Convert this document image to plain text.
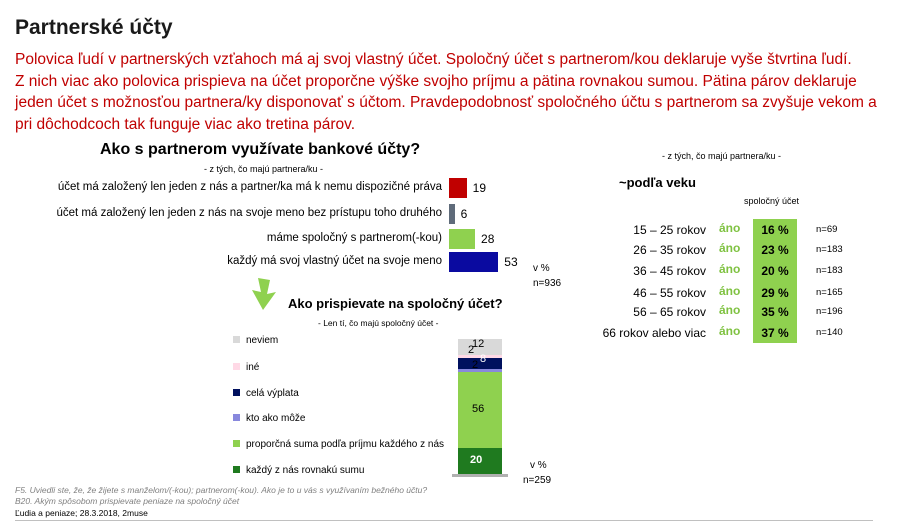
Partnerské účty
Polovica ľudí v partnerských vzťahoch má aj svoj vlastný účet. Spoločný účet s partnerom/kou deklaruje vyše štvrtina ľudí.
Z nich viac ako polovica prispieva na účet proporčne výške svojho príjmu a pätina rovnakou sumou. Pätina párov deklaruje
jeden účet s možnosťou partnera/ky disponovať s účtom. Pravdepodobnosť spoločného účtu s partnerom sa zvyšuje vekom a
pri dôchodcoch tak funguje viac ako tretina párov.
Ako s partnerom využívate bankové účty?
- z tých, čo majú partnera/ku -
účet má založený len jeden z nás a partner/ka má k nemu dispozičné práva	19
účet má založený len jeden z nás na svoje meno bez prístupu toho druhého 6
máme spoločný s partnerom(-kou)	28
každý má svoj vlastný účet na svoje meno	53 v %
n=936
Ako prispievate na spoločný účet?
- Len tí, čo majú spoločný účet -
neviem
iné
celá výplata
kto ako môže
proporčná suma podľa príjmu každého z nás
každý z nás rovnakú sumu
12
2
8
2
56
20	v %
n=259
- z tých, čo majú partnera/ku -
~podľa veku
spoločný účet
15 – 25 rokov áno	16 %	n=69
26 – 35 rokov áno	23 %	n=183
36 – 45 rokov áno	20 %	n=183
46 – 55 rokov áno	29 %	n=165
56 – 65 rokov áno	35 %	n=196
66 rokov alebo viac áno	37 %	n=140
F5. Uviedli ste, že, že žijete s manželom/(-kou); partnerom(-kou). Ako je to u vás s využívaním bežného účtu?
B20. Akým spôsobom prispievate peniaze na spoločný účet
Ľudia a peniaze; 28.3.2018, 2muse
